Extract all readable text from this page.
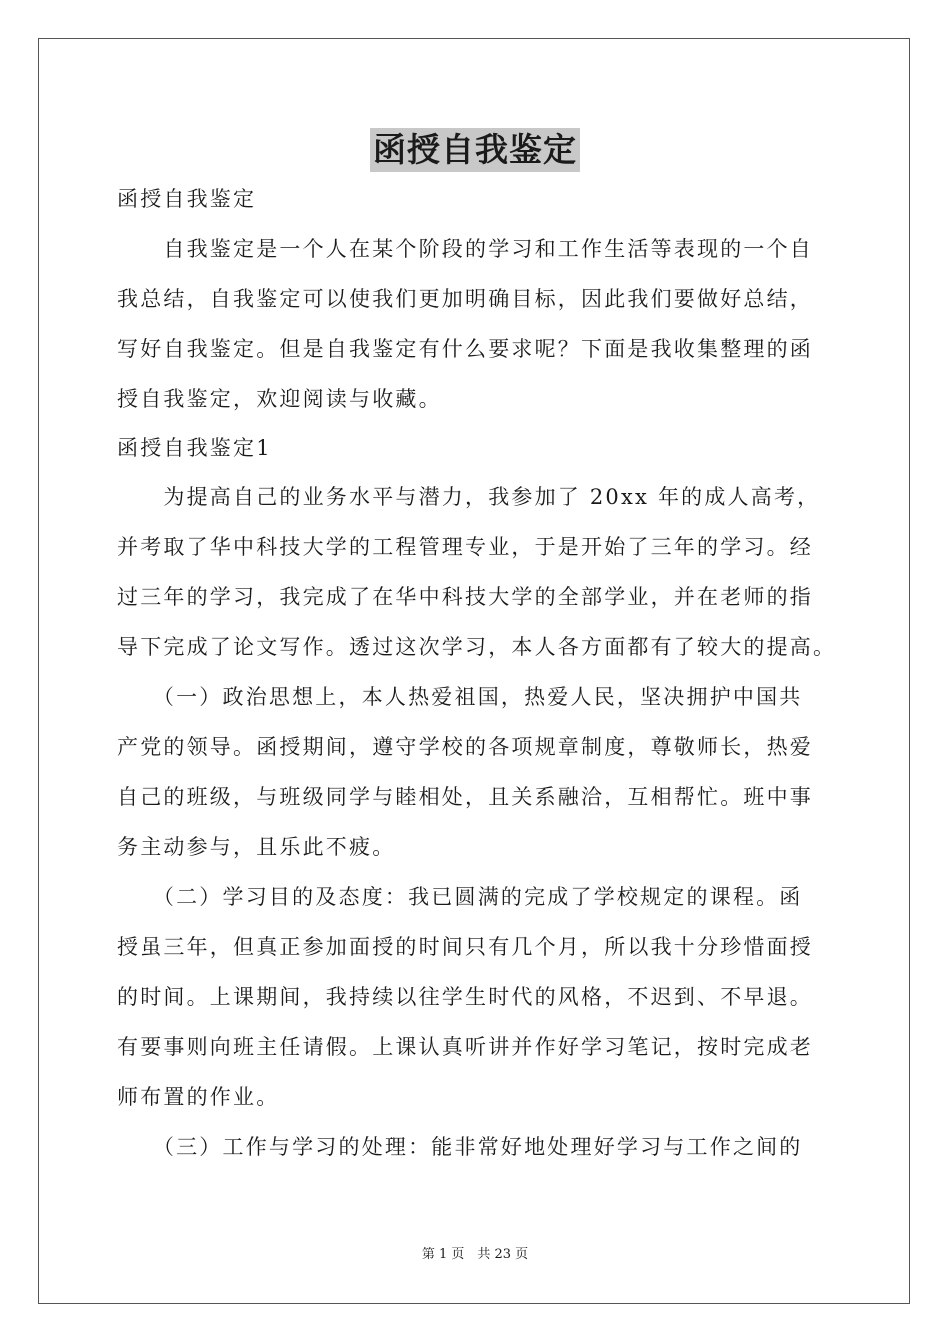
函授自我鉴定
函授自我鉴定
　　自我鉴定是一个人在某个阶段的学习和工作生活等表现的一个自
我总结，自我鉴定可以使我们更加明确目标，因此我们要做好总结，
写好自我鉴定。但是自我鉴定有什么要求呢？下面是我收集整理的函
授自我鉴定，欢迎阅读与收藏。
函授自我鉴定1
　　为提高自己的业务水平与潜力，我参加了 20xx 年的成人高考，
并考取了华中科技大学的工程管理专业，于是开始了三年的学习。经
过三年的学习，我完成了在华中科技大学的全部学业，并在老师的指
导下完成了论文写作。透过这次学习，本人各方面都有了较大的提高。
　　（一）政治思想上，本人热爱祖国，热爱人民，坚决拥护中国共
产党的领导。函授期间，遵守学校的各项规章制度，尊敬师长，热爱
自己的班级，与班级同学与睦相处，且关系融洽，互相帮忙。班中事
务主动参与，且乐此不疲。
　　（二）学习目的及态度：我已圆满的完成了学校规定的课程。函
授虽三年，但真正参加面授的时间只有几个月，所以我十分珍惜面授
的时间。上课期间，我持续以往学生时代的风格，不迟到、不早退。
有要事则向班主任请假。上课认真听讲并作好学习笔记，按时完成老
师布置的作业。
　　（三）工作与学习的处理：能非常好地处理好学习与工作之间的
第 1 页　共 23 页
